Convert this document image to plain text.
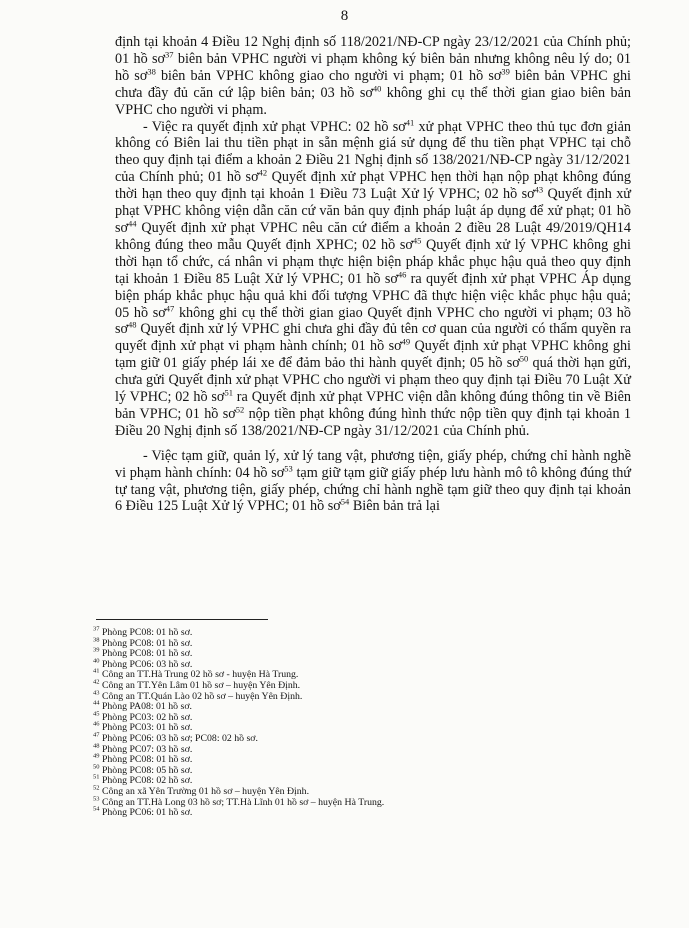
8

định tại khoản 4 Điều 12 Nghị định số 118/2021/NĐ-CP ngày 23/12/2021 của Chính phủ; 01 hồ $sơ^{37}$ biên bản VPHC người vi phạm không ký biên bản nhưng không nêu lý do; 01 hồ $sơ^{38}$ biên bản VPHC không giao cho người vi phạm; 01 hồ $sơ^{39}$ biên bản VPHC ghi chưa đầy đủ căn cứ lập biên bản; 03 hồ $sơ^{40}$ không ghi cụ thể thời gian giao biên bản VPHC cho người vi phạm.

- Việc ra quyết định xử phạt VPHC: 02 hồ $sơ^{41}$ xử phạt VPHC theo thủ tục đơn giản không có Biên lai thu tiền phạt in sẵn mệnh giá sử dụng để thu tiền phạt VPHC tại chỗ theo quy định tại điểm a khoản 2 Điều 21 Nghị định số 138/2021/NĐ-CP ngày 31/12/2021 của Chính phủ; 01 hồ $sơ^{42}$ Quyết định xử phạt VPHC hẹn thời hạn nộp phạt không đúng thời hạn theo quy định tại khoản 1 Điều 73 Luật Xử lý VPHC; 02 hồ $sơ^{43}$ Quyết định xử phạt VPHC không viện dẫn căn cứ văn bản quy định pháp luật áp dụng để xử phạt; 01 hồ $sơ^{44}$ Quyết định xử phạt VPHC nêu căn cứ điểm a khoản 2 điều 28 Luật 49/2019/QH14 không đúng theo mẫu Quyết định XPHC; 02 hồ $sơ^{45}$ Quyết định xử lý VPHC không ghi thời hạn tổ chức, cá nhân vi phạm thực hiện biện pháp khắc phục hậu quả theo quy định tại khoản 1 Điều 85 Luật Xử lý VPHC; 01 hồ $sơ^{46}$ ra quyết định xử phạt VPHC Áp dụng biện pháp khắc phục hậu quả khi đối tượng VPHC đã thực hiện việc khắc phục hậu quả; 05 hồ $sơ^{47}$ không ghi cụ thể thời gian giao Quyết định VPHC cho người vi phạm; 03 hồ $sơ^{48}$ Quyết định xử lý VPHC ghi chưa ghi đầy đủ tên cơ quan của người có thẩm quyền ra quyết định xử phạt vi phạm hành chính; 01 hồ $sơ^{49}$ Quyết định xử phạt VPHC không ghi tạm giữ 01 giấy phép lái xe để đảm bảo thi hành quyết định; 05 hồ $sơ^{50}$ quá thời hạn gửi, chưa gửi Quyết định xử phạt VPHC cho người vi phạm theo quy định tại Điều 70 Luật Xử lý VPHC; 02 hồ $sơ^{51}$ ra Quyết định xử phạt VPHC viện dẫn không đúng thông tin về Biên bản VPHC; 01 hồ $sơ^{52}$ nộp tiền phạt không đúng hình thức nộp tiền quy định tại khoản 1 Điều 20 Nghị định số 138/2021/NĐ-CP ngày 31/12/2021 của Chính phủ.

- Việc tạm giữ, quản lý, xử lý tang vật, phương tiện, giấy phép, chứng chỉ hành nghề vi phạm hành chính: 04 hồ $sơ^{53}$ tạm giữ tạm giữ giấy phép lưu hành mô tô không đúng thứ tự tang vật, phương tiện, giấy phép, chứng chỉ hành nghề tạm giữ theo quy định tại khoản 6 Điều 125 Luật Xử lý VPHC; 01 hồ $sơ^{54}$ Biên bản trả lại

$^{37}$ Phòng PC08: 01 hồ sơ.
$^{38}$ Phòng PC08: 01 hồ sơ.
$^{39}$ Phòng PC08: 01 hồ sơ.
$^{40}$ Phòng PC06: 03 hồ sơ.
$^{41}$ Công an TT.Hà Trung 02 hồ sơ - huyện Hà Trung.
$^{42}$ Công an TT.Yên Lâm 01 hồ sơ – huyện Yên Định.
$^{43}$ Công an TT.Quán Lào 02 hồ sơ – huyện Yên Định.
$^{44}$ Phòng PA08: 01 hồ sơ.
$^{45}$ Phòng PC03: 02 hồ sơ.
$^{46}$ Phòng PC03: 01 hồ sơ.
$^{47}$ Phòng PC06: 03 hồ sơ; PC08: 02 hồ sơ.
$^{48}$ Phòng PC07: 03 hồ sơ.
$^{49}$ Phòng PC08: 01 hồ sơ.
$^{50}$ Phòng PC08: 05 hồ sơ.
$^{51}$ Phòng PC08: 02 hồ sơ.
$^{52}$ Công an xã Yên Trường 01 hồ sơ – huyện Yên Định.
$^{53}$ Công an TT.Hà Long 03 hồ sơ; TT.Hà Lĩnh 01 hồ sơ – huyện Hà Trung.
$^{54}$ Phòng PC06: 01 hồ sơ.
